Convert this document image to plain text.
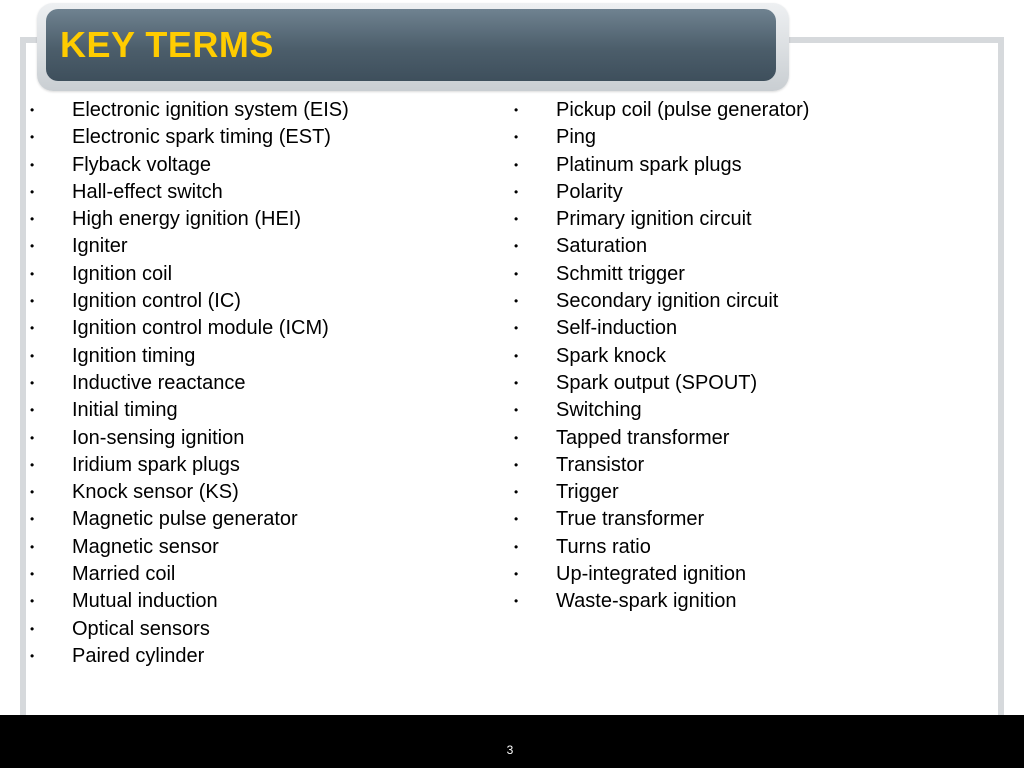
KEY TERMS
• Electronic ignition system (EIS)
• Electronic spark timing (EST)
• Flyback voltage
• Hall-effect switch
• High energy ignition (HEI)
• Igniter
• Ignition coil
• Ignition control (IC)
• Ignition control module (ICM)
• Ignition timing
• Inductive reactance
• Initial timing
• Ion-sensing ignition
• Iridium spark plugs
• Knock sensor (KS)
• Magnetic pulse generator
• Magnetic sensor
• Married coil
• Mutual induction
• Optical sensors
• Paired cylinder
• Pickup coil (pulse generator)
• Ping
• Platinum spark plugs
• Polarity
• Primary ignition circuit
• Saturation
• Schmitt trigger
• Secondary ignition circuit
• Self-induction
• Spark knock
• Spark output (SPOUT)
• Switching
• Tapped transformer
• Transistor
• Trigger
• True transformer
• Turns ratio
• Up-integrated ignition
• Waste-spark ignition
3
